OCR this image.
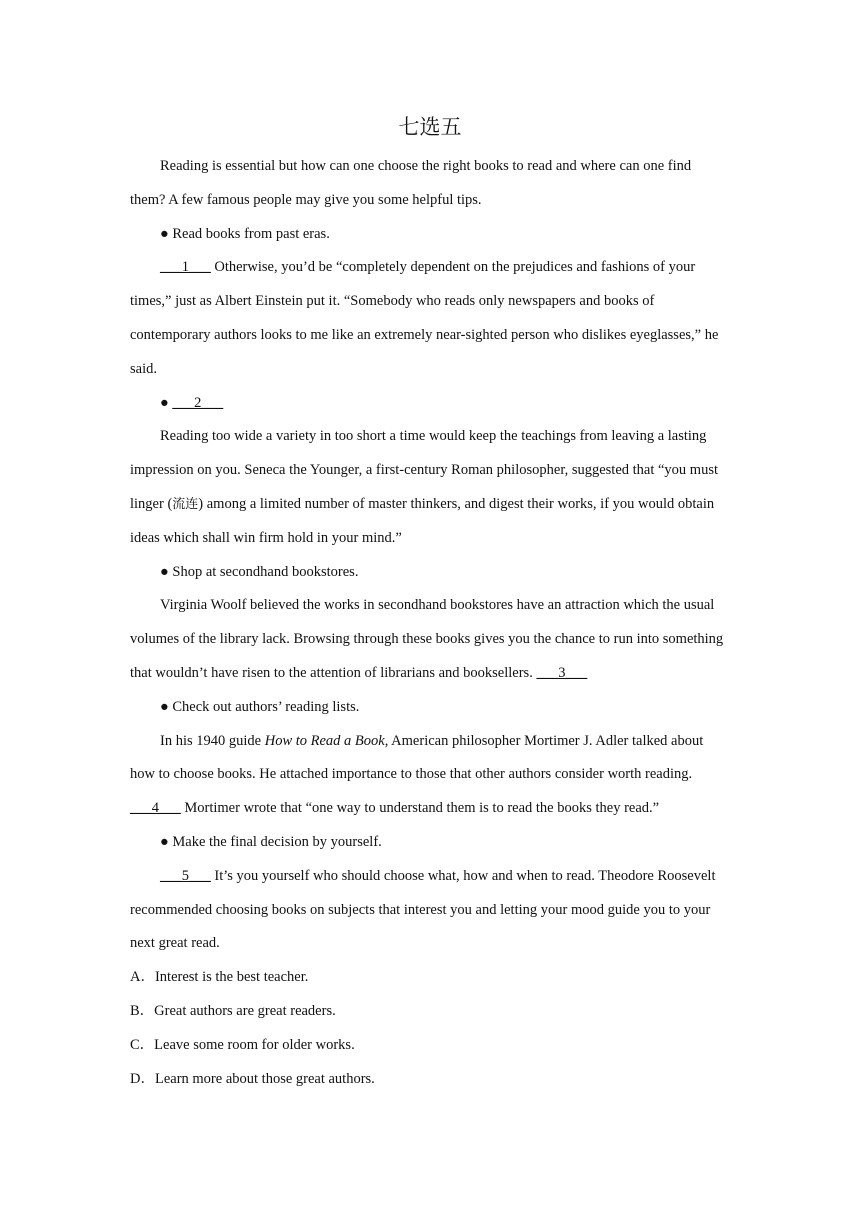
七选五

Reading is essential but how can one choose the right books to read and where can one find them? A few famous people may give you some helpful tips.

● Read books from past eras.

___1___ Otherwise, you’d be “completely dependent on the prejudices and fashions of your times,” just as Albert Einstein put it. “Somebody who reads only newspapers and books of contemporary authors looks to me like an extremely near-sighted person who dislikes eyeglasses,” he said.

● ___2___

Reading too wide a variety in too short a time would keep the teachings from leaving a lasting impression on you. Seneca the Younger, a first-century Roman philosopher, suggested that “you must linger (流连) among a limited number of master thinkers, and digest their works, if you would obtain ideas which shall win firm hold in your mind.”

● Shop at secondhand bookstores.

Virginia Woolf believed the works in secondhand bookstores have an attraction which the usual volumes of the library lack. Browsing through these books gives you the chance to run into something that wouldn’t have risen to the attention of librarians and booksellers. ___3___

● Check out authors’ reading lists.

In his 1940 guide How to Read a Book, American philosopher Mortimer J. Adler talked about how to choose books. He attached importance to those that other authors consider worth reading. ___4___ Mortimer wrote that “one way to understand them is to read the books they read.”

● Make the final decision by yourself.

___5___ It’s you yourself who should choose what, how and when to read. Theodore Roosevelt recommended choosing books on subjects that interest you and letting your mood guide you to your next great read.

A．Interest is the best teacher.

B．Great authors are great readers.

C．Leave some room for older works.

D．Learn more about those great authors.
